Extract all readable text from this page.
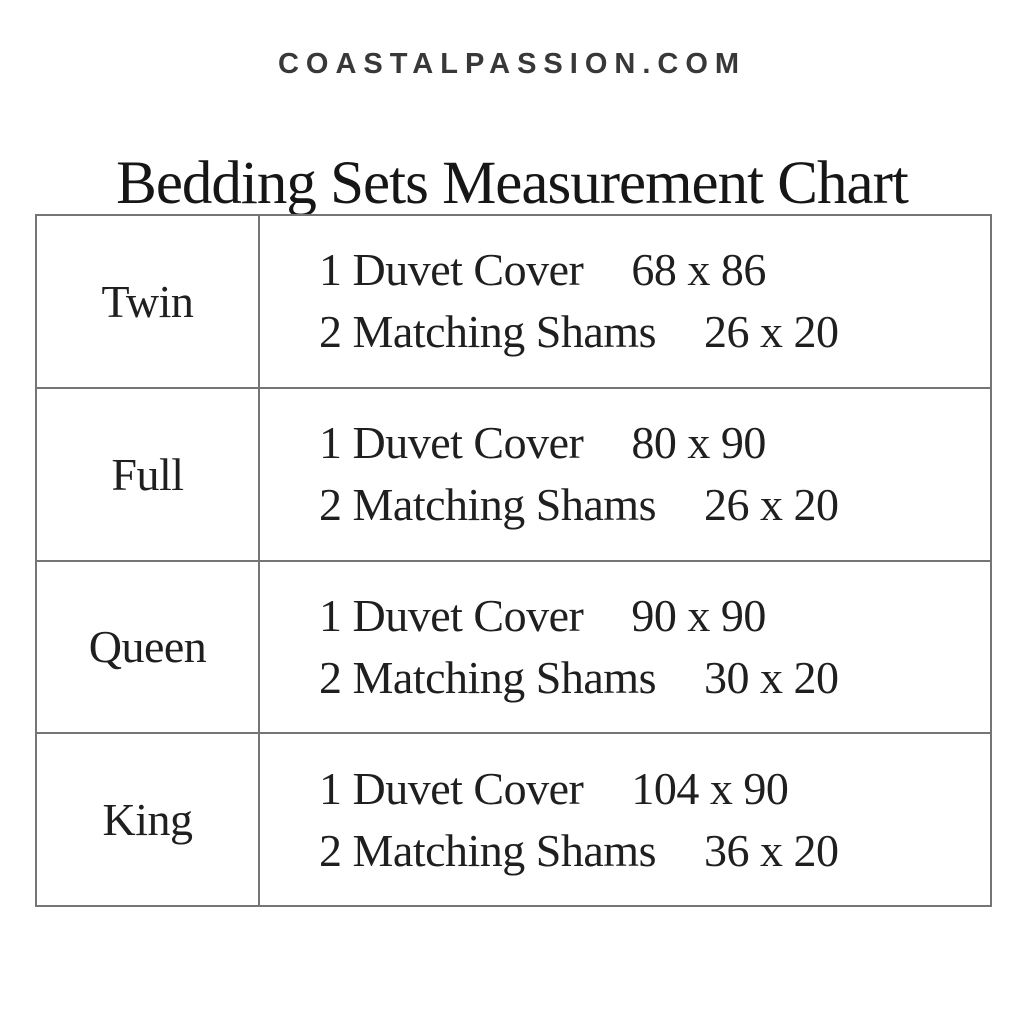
COASTALPASSION.COM
Bedding Sets Measurement Chart
Twin	1 Duvet Cover 68 x 86
2 Matching Shams 26 x 20

Full	1 Duvet Cover 80 x 90
2 Matching Shams 26 x 20

Queen	1 Duvet Cover 90 x 90
2 Matching Shams 30 x 20

King	1 Duvet Cover 104 x 90
2 Matching Shams 36 x 20
